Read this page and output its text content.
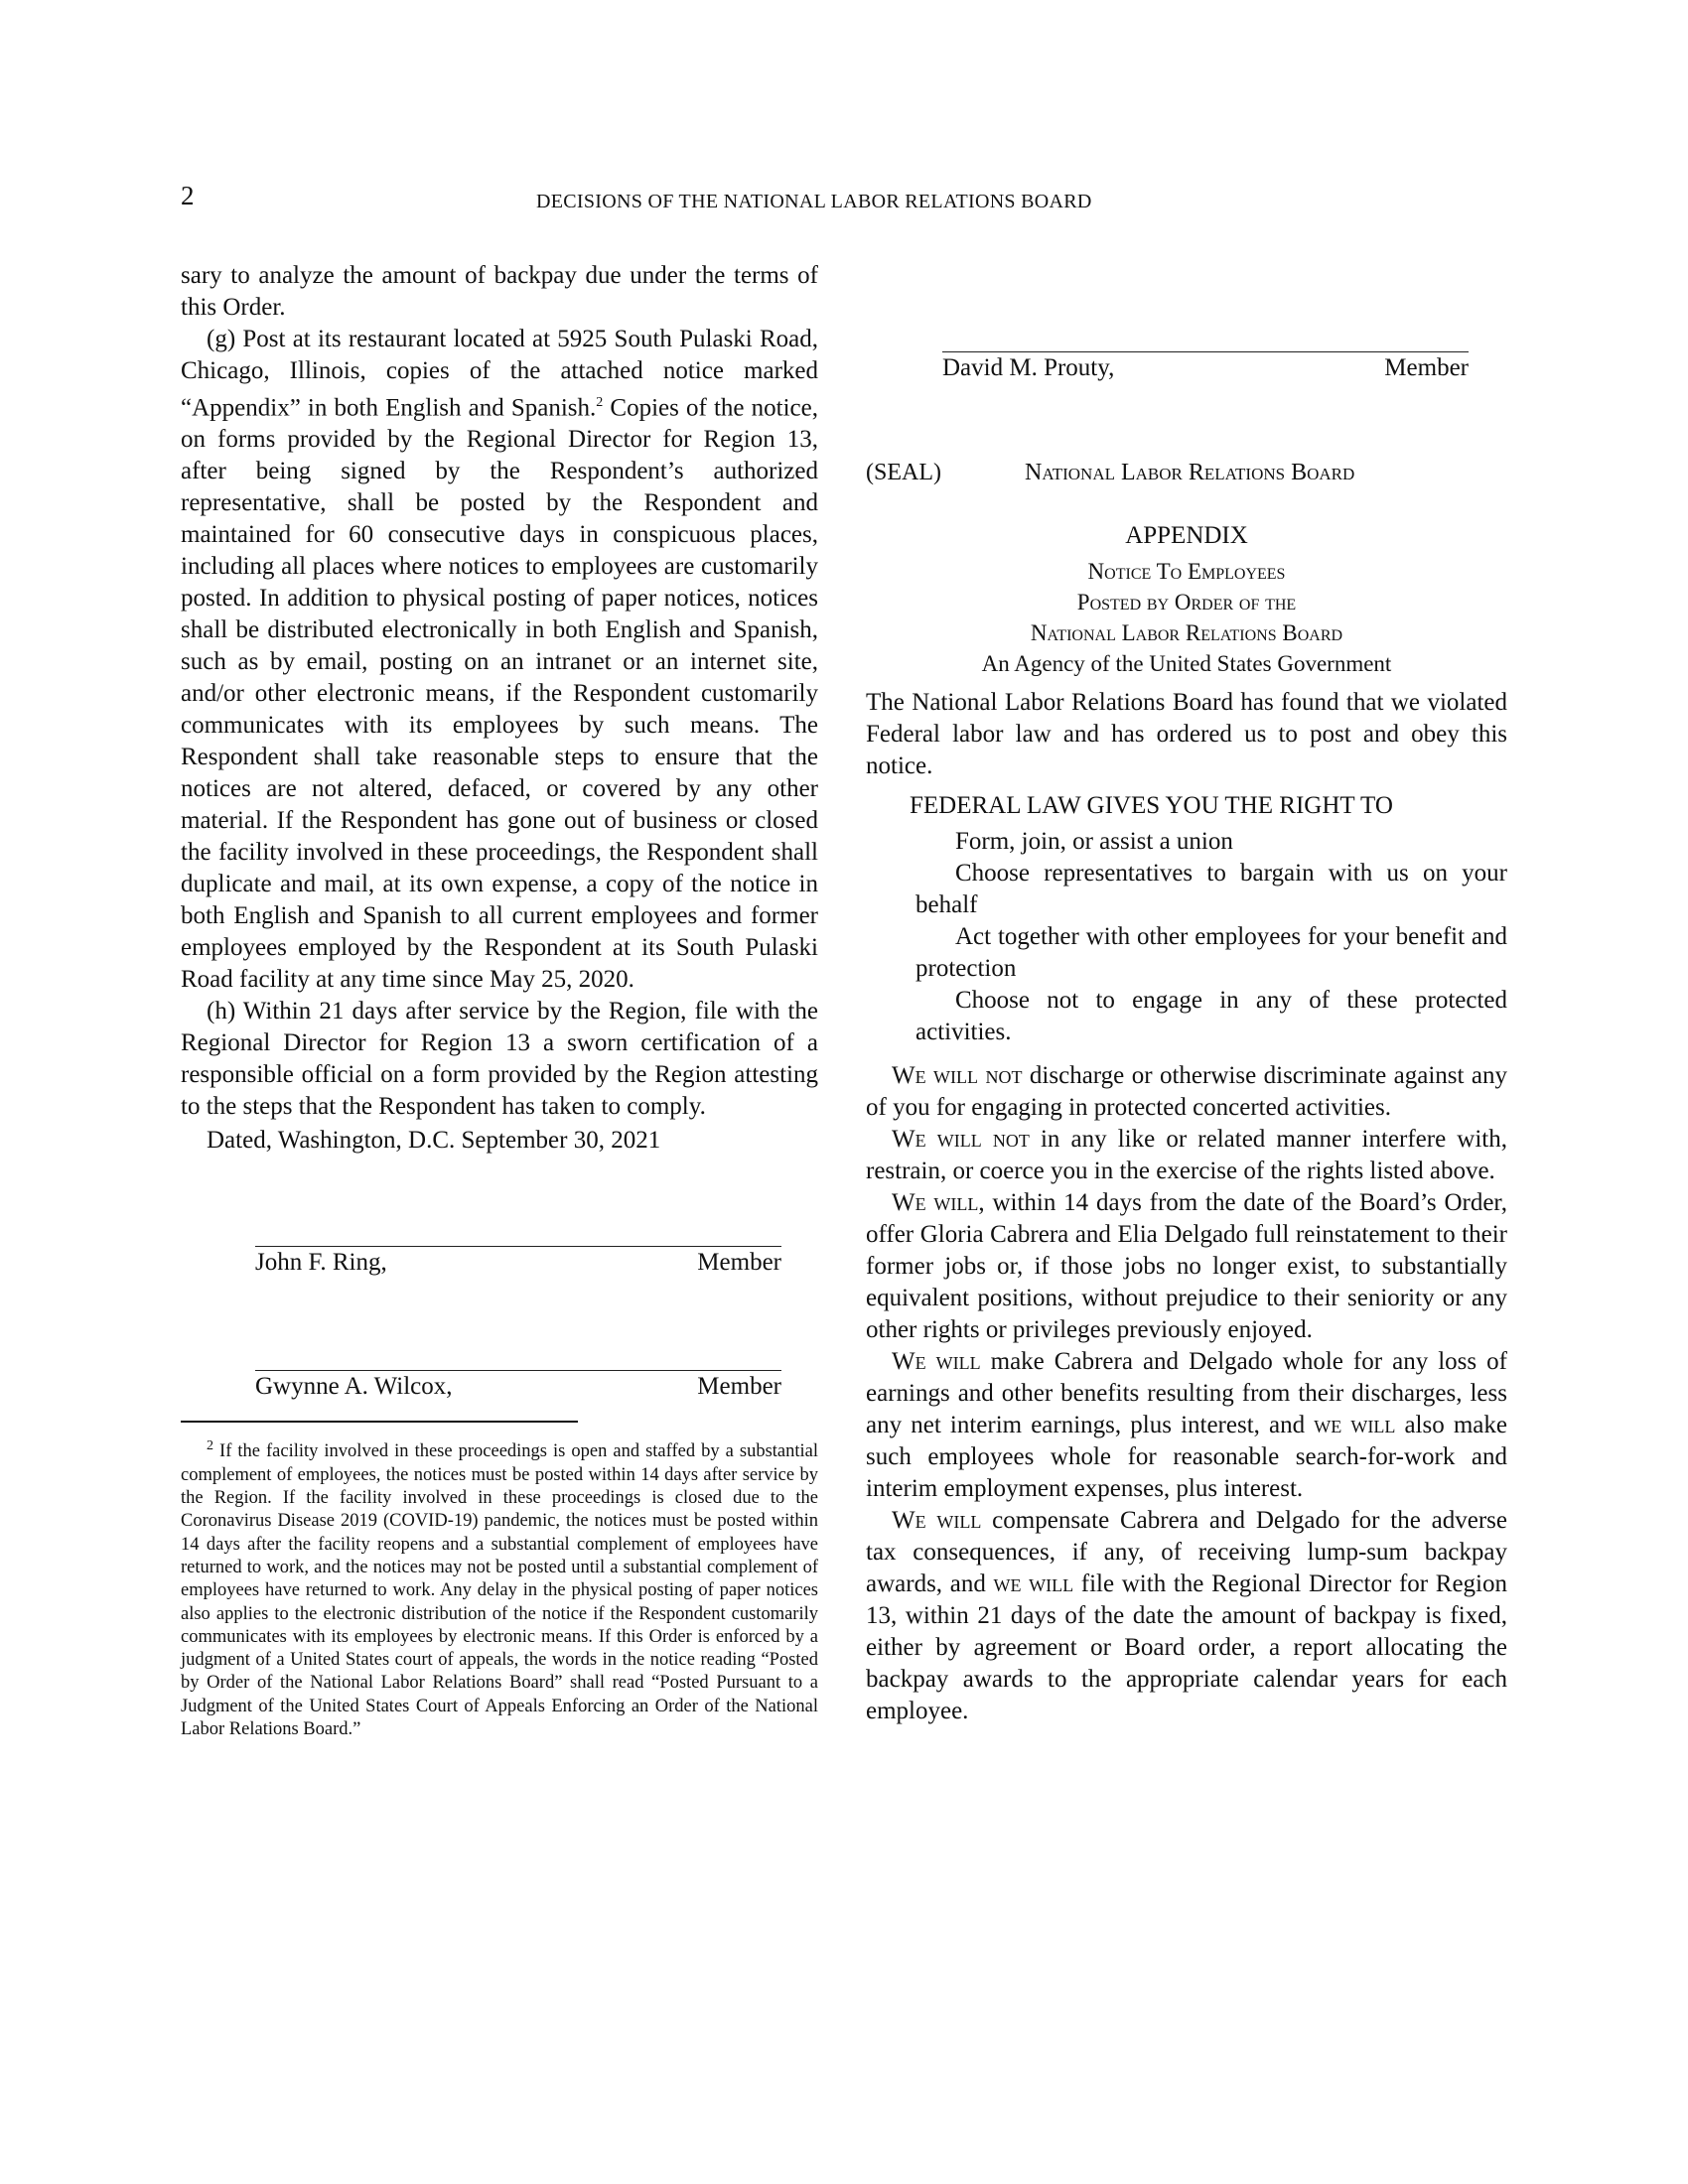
2	DECISIONS OF THE NATIONAL LABOR RELATIONS BOARD

sary to analyze the amount of backpay due under the terms of this Order.

(g) Post at its restaurant located at 5925 South Pulaski Road, Chicago, Illinois, copies of the attached notice marked “Appendix” in both English and Spanish.$^2$ Copies of the notice, on forms provided by the Regional Director for Region 13, after being signed by the Respondent’s authorized representative, shall be posted by the Respondent and maintained for 60 consecutive days in conspicuous places, including all places where notices to employees are customarily posted. In addition to physical posting of paper notices, notices shall be distributed electronically in both English and Spanish, such as by email, posting on an intranet or an internet site, and/or other electronic means, if the Respondent customarily communicates with its employees by such means. The Respondent shall take reasonable steps to ensure that the notices are not altered, defaced, or covered by any other material. If the Respondent has gone out of business or closed the facility involved in these proceedings, the Respondent shall duplicate and mail, at its own expense, a copy of the notice in both English and Spanish to all current employees and former employees employed by the Respondent at its South Pulaski Road facility at any time since May 25, 2020.

(h) Within 21 days after service by the Region, file with the Regional Director for Region 13 a sworn certification of a responsible official on a form provided by the Region attesting to the steps that the Respondent has taken to comply.

Dated, Washington, D.C. September 30, 2021

John F. Ring,	Member
Gwynne A. Wilcox,	Member

$^2$ If the facility involved in these proceedings is open and staffed by a substantial complement of employees, the notices must be posted within 14 days after service by the Region. If the facility involved in these proceedings is closed due to the Coronavirus Disease 2019 (COVID-19) pandemic, the notices must be posted within 14 days after the facility reopens and a substantial complement of employees have returned to work, and the notices may not be posted until a substantial complement of employees have returned to work. Any delay in the physical posting of paper notices also applies to the electronic distribution of the notice if the Respondent customarily communicates with its employees by electronic means. If this Order is enforced by a judgment of a United States court of appeals, the words in the notice reading “Posted by Order of the National Labor Relations Board” shall read “Posted Pursuant to a Judgment of the United States Court of Appeals Enforcing an Order of the National Labor Relations Board.”

David M. Prouty,	Member
(SEAL)	National Labor Relations Board
APPENDIX
Notice To Employees
Posted by Order of the
National Labor Relations Board
An Agency of the United States Government

The National Labor Relations Board has found that we violated Federal labor law and has ordered us to post and obey this notice.

FEDERAL LAW GIVES YOU THE RIGHT TO

Form, join, or assist a union

Choose representatives to bargain with us on your behalf

Act together with other employees for your benefit and protection

Choose not to engage in any of these protected activities.

We will not discharge or otherwise discriminate against any of you for engaging in protected concerted activities.

We will not in any like or related manner interfere with, restrain, or coerce you in the exercise of the rights listed above.

We will, within 14 days from the date of the Board’s Order, offer Gloria Cabrera and Elia Delgado full reinstatement to their former jobs or, if those jobs no longer exist, to substantially equivalent positions, without prejudice to their seniority or any other rights or privileges previously enjoyed.

We will make Cabrera and Delgado whole for any loss of earnings and other benefits resulting from their discharges, less any net interim earnings, plus interest, and we will also make such employees whole for reasonable search-for-work and interim employment expenses, plus interest.

We will compensate Cabrera and Delgado for the adverse tax consequences, if any, of receiving lump-sum backpay awards, and we will file with the Regional Director for Region 13, within 21 days of the date the amount of backpay is fixed, either by agreement or Board order, a report allocating the backpay awards to the appropriate calendar years for each employee.
